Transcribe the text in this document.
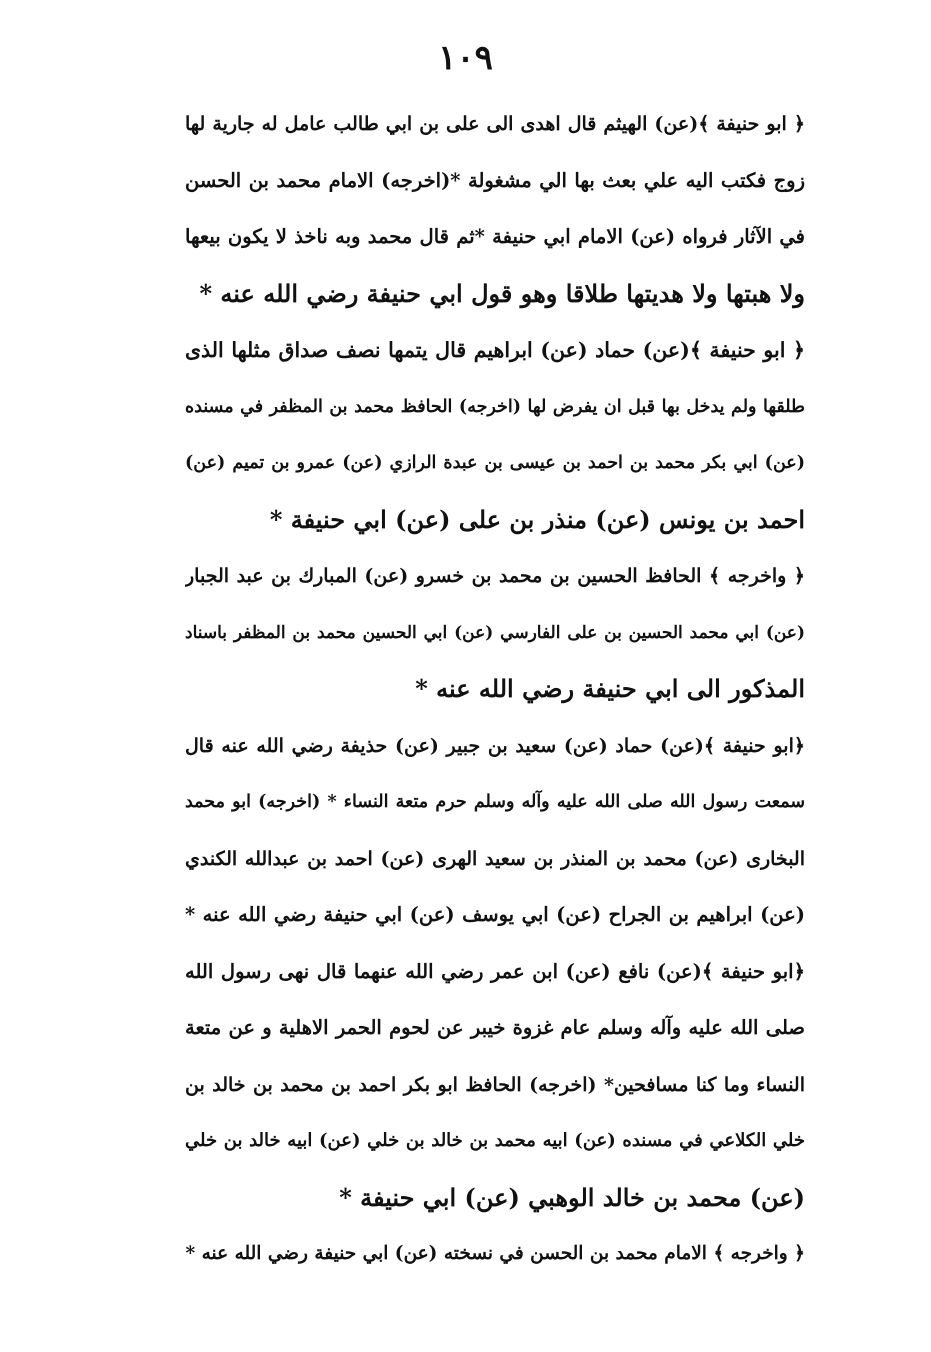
١٠٩
﴿ ابو حنيفة ﴾(عن) الهيثم قال اهدى الى على بن ابي طالب عامل له جارية لها
زوج فكتب اليه علي بعث بها الي مشغولة *(اخرجه) الامام محمد بن الحسن
في الآثار فرواه (عن) الامام ابي حنيفة *ثم قال محمد وبه ناخذ لا يكون بيعها
ولا هبتها ولا هديتها طلاقا وهو قول ابي حنيفة رضي الله عنه *
﴿ ابو حنيفة ﴾(عن) حماد (عن) ابراهيم قال يتمها نصف صداق مثلها الذى
طلقها ولم يدخل بها قبل ان يفرض لها (اخرجه) الحافظ محمد بن المظفر في مسنده
(عن) ابي بكر محمد بن احمد بن عيسى بن عبدة الرازي (عن) عمرو بن تميم (عن)
احمد بن يونس (عن) منذر بن على (عن) ابي حنيفة *
﴿ واخرجه ﴾ الحافظ الحسين بن محمد بن خسرو (عن) المبارك بن عبد الجبار
(عن) ابي محمد الحسين بن على الفارسي (عن) ابي الحسين محمد بن المظفر باسناد
المذكور الى ابي حنيفة رضي الله عنه *
﴿ابو حنيفة ﴾(عن) حماد (عن) سعيد بن جبير (عن) حذيفة رضي الله عنه قال
سمعت رسول الله صلى الله عليه وآله وسلم حرم متعة النساء * (اخرجه) ابو محمد
البخارى (عن) محمد بن المنذر بن سعيد الهرى (عن) احمد بن عبدالله الكندي
(عن) ابراهيم بن الجراح (عن) ابي يوسف (عن) ابي حنيفة رضي الله عنه *
﴿ابو حنيفة ﴾(عن) نافع (عن) ابن عمر رضي الله عنهما قال نهى رسول الله
صلى الله عليه وآله وسلم عام غزوة خيبر عن لحوم الحمر الاهلية و عن متعة
النساء وما كنا مسافحين* (اخرجه) الحافظ ابو بكر احمد بن محمد بن خالد بن
خلي الكلاعي في مسنده (عن) ابيه محمد بن خالد بن خلي (عن) ابيه خالد بن خلي
(عن) محمد بن خالد الوهبي (عن) ابي حنيفة *
﴿ واخرجه ﴾ الامام محمد بن الحسن في نسخته (عن) ابي حنيفة رضي الله عنه *
